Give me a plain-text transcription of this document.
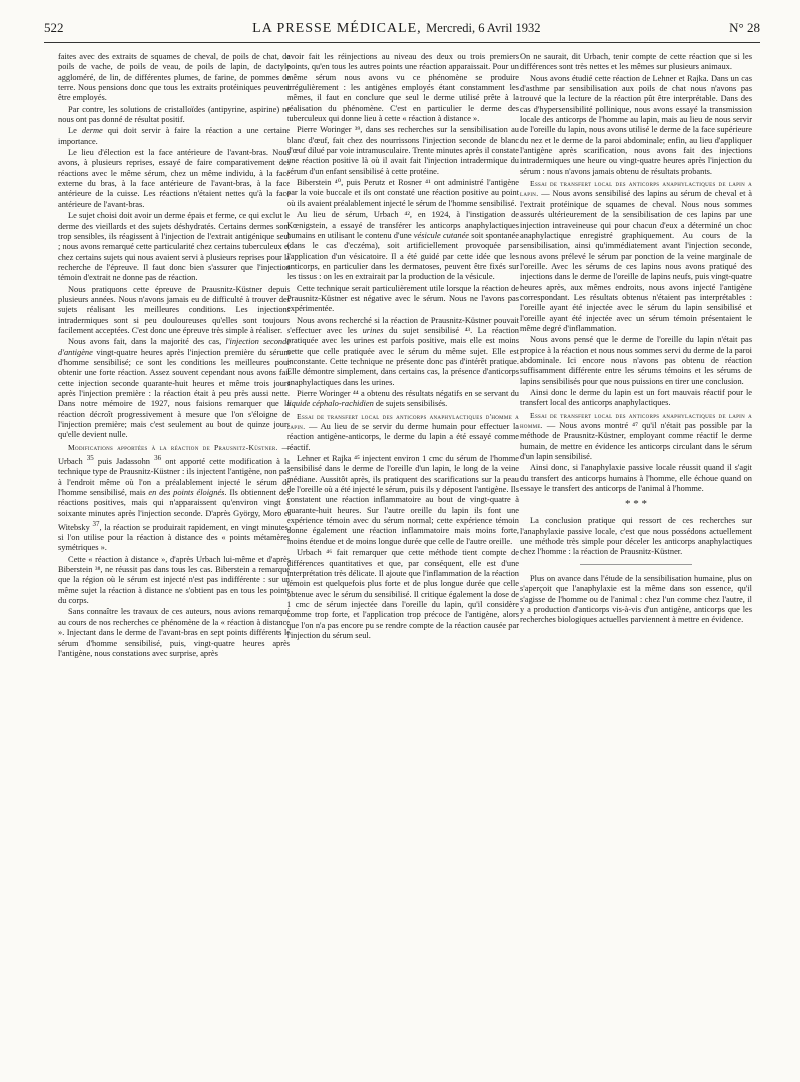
522	LA PRESSE MÉDICALE, Mercredi, 6 Avril 1932	N° 28

faites avec des extraits de squames de cheval, de poils de chat, de poils de vache, de poils de veau, de poils de lapin, de dactyle aggloméré, de lin, de différentes plumes, de farine, de pommes de terre. Nous pensions donc que tous les extraits protéiniques peuvent être employés.

Par contre, les solutions de cristalloïdes (antipyrine, aspirine) ne nous ont pas donné de résultat positif.

Le derme qui doit servir à faire la réaction a une certaine importance.

Le lieu d'élection est la face antérieure de l'avant-bras. Nous avons, à plusieurs reprises, essayé de faire comparativement des réactions avec le même sérum, chez un même individu, à la face externe du bras, à la face antérieure de l'avant-bras, à la face antérieure de la cuisse. Les réactions n'étaient nettes qu'à la face antérieure de l'avant-bras.

Le sujet choisi doit avoir un derme épais et ferme, ce qui exclut le derme des vieillards et des sujets déshydratés. Certains dermes sont trop sensibles, ils réagissent à l'injection de l'extrait antigénique seul ; nous avons remarqué cette particularité chez certains tuberculeux et chez certains sujets qui nous avaient servi à plusieurs reprises pour la recherche de l'épreuve. Il faut donc bien s'assurer que l'injection témoin d'extrait ne donne pas de réaction.

Nous pratiquons cette épreuve de Prausnitz-Küstner depuis plusieurs années. Nous n'avons jamais eu de difficulté à trouver des sujets réalisant les meilleures conditions. Les injections intradermiques sont si peu douloureuses qu'elles sont toujours facilement acceptées. C'est donc une épreuve très simple à réaliser.

Nous avons fait, dans la majorité des cas, l'injection seconde d'antigène vingt-quatre heures après l'injection première du sérum d'homme sensibilisé; ce sont les conditions les meilleures pour obtenir une forte réaction. Assez souvent cependant nous avons fait cette injection seconde quarante-huit heures et même trois jours après l'injection première : la réaction était à peu près aussi nette. Dans notre mémoire de 1927, nous faisions remarquer que la réaction décroît progressivement à mesure que l'on s'éloigne de l'injection première; mais c'est seulement au bout de quinze jours qu'elle devient nulle.

Modifications apportées à la réaction de Prausnitz-Küstner. — Urbach $^{35}$ puis Jadassohn $^{36}$ ont apporté cette modification à la technique type de Prausnitz-Küstner : ils injectent l'antigène, non pas à l'endroit même où l'on a préalablement injecté le sérum de l'homme sensibilisé, mais en des points éloignés. Ils obtiennent des réactions positives, mais qui n'apparaissent qu'environ vingt à soixante minutes après l'injection seconde. D'après György, Moro et Witebsky $^{37}$, la réaction se produirait rapidement, en vingt minutes, si l'on utilise pour la réaction à distance des « points métamères symétriques ».

Cette « réaction à distance », d'après Urbach lui-même et d'après Biberstein ³⁸, ne réussit pas dans tous les cas. Biberstein a remarqué que la région où le sérum est injecté n'est pas indifférente : sur un même sujet la réaction à distance ne s'obtient pas en tous les points du corps.

Sans connaître les travaux de ces auteurs, nous avions remarqué au cours de nos recherches ce phénomène de la « réaction à distance ». Injectant dans le derme de l'avant-bras en sept points différents le sérum d'homme sensibilisé, puis, vingt-quatre heures après l'antigène, nous constations avec surprise, après

avoir fait les réinjections au niveau des deux ou trois premiers points, qu'en tous les autres points une réaction apparaissait. Pour un même sérum nous avons vu ce phénomène se produire irrégulièrement : les antigènes employés étant constamment les mêmes, il faut en conclure que seul le derme utilisé prête à la réalisation du phénomène. C'est en particulier le derme des tuberculeux qui donne lieu à cette « réaction à distance ».

Pierre Woringer ³⁹, dans ses recherches sur la sensibilisation au blanc d'œuf, fait chez des nourrissons l'injection seconde de blanc d'œuf dilué par voie intramusculaire. Trente minutes après il constate une réaction positive là où il avait fait l'injection intradermique du sérum d'un enfant sensibilisé à cette protéine.

Biberstein ⁴⁰, puis Perutz et Rosner ⁴¹ ont administré l'antigène par la voie buccale et ils ont constaté une réaction positive au point où ils avaient préalablement injecté le sérum de l'homme sensibilisé.

Au lieu de sérum, Urbach ⁴², en 1924, à l'instigation de Kœnigstein, a essayé de transférer les anticorps anaphylactiques humains en utilisant le contenu d'une vésicule cutanée soit spontanée (dans le cas d'eczéma), soit artificiellement provoquée par l'application d'un vésicatoire. Il a été guidé par cette idée que les anticorps, en particulier dans les dermatoses, peuvent être fixés sur les tissus : on les en extrairait par la production de la vésicule.

Cette technique serait particulièrement utile lorsque la réaction de Prausnitz-Küstner est négative avec le sérum. Nous ne l'avons pas expérimentée.

Nous avons recherché si la réaction de Prausnitz-Küstner pouvait s'effectuer avec les urines du sujet sensibilisé ⁴³. La réaction pratiquée avec les urines est parfois positive, mais elle est moins nette que celle pratiquée avec le sérum du même sujet. Elle est inconstante. Cette technique ne présente donc pas d'intérêt pratique. Elle démontre simplement, dans certains cas, la présence d'anticorps anaphylactiques dans les urines.

Pierre Woringer ⁴⁴ a obtenu des résultats négatifs en se servant du liquide céphalo-rachidien de sujets sensibilisés.

Essai de transfert local des anticorps anaphylactiques d'homme a lapin. — Au lieu de se servir du derme humain pour effectuer la réaction antigène-anticorps, le derme du lapin a été essayé comme réactif.

Lehner et Rajka ⁴⁵ injectent environ 1 cmc du sérum de l'homme sensibilisé dans le derme de l'oreille d'un lapin, le long de la veine médiane. Aussitôt après, ils pratiquent des scarifications sur la peau de l'oreille où a été injecté le sérum, puis ils y déposent l'antigène. Ils constatent une réaction inflammatoire au bout de vingt-quatre à quarante-huit heures. Sur l'autre oreille du lapin ils font une expérience témoin avec du sérum normal; cette expérience témoin donne également une réaction inflammatoire mais moins forte, moins étendue et de moins longue durée que celle de l'autre oreille.

Urbach ⁴⁶ fait remarquer que cette méthode tient compte de différences quantitatives et que, par conséquent, elle est d'une interprétation très délicate. Il ajoute que l'inflammation de la réaction témoin est quelquefois plus forte et de plus longue durée que celle obtenue avec le sérum du sensibilisé. Il critique également la dose de 1 cmc de sérum injectée dans l'oreille du lapin, qu'il considère comme trop forte, et l'application trop précoce de l'antigène, alors que l'on n'a pas encore pu se rendre compte de la réaction causée par l'injection du sérum seul.

On ne saurait, dit Urbach, tenir compte de cette réaction que si les différences sont très nettes et les mêmes sur plusieurs animaux.

Nous avons étudié cette réaction de Lehner et Rajka. Dans un cas d'asthme par sensibilisation aux poils de chat nous n'avons pas trouvé que la lecture de la réaction pût être interprétable. Dans des cas d'hypersensibilité pollinique, nous avons essayé la transmission locale des anticorps de l'homme au lapin, mais au lieu de nous servir de l'oreille du lapin, nous avons utilisé le derme de la face supérieure du nez et le derme de la paroi abdominale; enfin, au lieu d'appliquer l'antigène après scarification, nous avons fait des injections intradermiques une heure ou vingt-quatre heures après l'injection du sérum : nous n'avons jamais obtenu de résultats probants.

Essai de transfert local des anticorps anaphylactiques de lapin a lapin. — Nous avons sensibilisé des lapins au sérum de cheval et à l'extrait protéinique de squames de cheval. Nous nous sommes assurés ultérieurement de la sensibilisation de ces lapins par une injection intraveineuse qui pour chacun d'eux a déterminé un choc anaphylactique enregistré graphiquement. Au cours de la sensibilisation, ainsi qu'immédiatement avant l'injection seconde, nous avons prélevé le sérum par ponction de la veine marginale de l'oreille. Avec les sérums de ces lapins nous avons pratiqué des injections dans le derme de l'oreille de lapins neufs, puis vingt-quatre heures après, aux mêmes endroits, nous avons injecté l'antigène correspondant. Les résultats obtenus n'étaient pas interprétables : l'oreille ayant été injectée avec le sérum du lapin sensibilisé et l'oreille ayant été injectée avec un sérum témoin présentaient le même degré d'inflammation.

Nous avons pensé que le derme de l'oreille du lapin n'était pas propice à la réaction et nous nous sommes servi du derme de la paroi abdominale. Ici encore nous n'avons pas obtenu de réaction suffisamment différente entre les sérums témoins et les sérums de lapins sensibilisés pour que nous puissions en tirer une conclusion.

Ainsi donc le derme du lapin est un fort mauvais réactif pour le transfert local des anticorps anaphylactiques.

Essai de transfert local des anticorps anaphylactiques de lapin a homme. — Nous avons montré ⁴⁷ qu'il n'était pas possible par la méthode de Prausnitz-Küstner, employant comme réactif le derme humain, de mettre en évidence les anticorps circulant dans le sérum d'un lapin sensibilisé.

Ainsi donc, si l'anaphylaxie passive locale réussit quand il s'agit du transfert des anticorps humains à l'homme, elle échoue quand on essaye le transfert des anticorps de l'animal à l'homme.

* * *

La conclusion pratique qui ressort de ces recherches sur l'anaphylaxie passive locale, c'est que nous possédons actuellement une méthode très simple pour déceler les anticorps anaphylactiques chez l'homme : la réaction de Prausnitz-Küstner.

Plus on avance dans l'étude de la sensibilisation humaine, plus on s'aperçoit que l'anaphylaxie est la même dans son essence, qu'il s'agisse de l'homme ou de l'animal : chez l'un comme chez l'autre, il y a production d'anticorps vis-à-vis d'un antigène, anticorps que les recherches biologiques actuelles parviennent à mettre en évidence.
